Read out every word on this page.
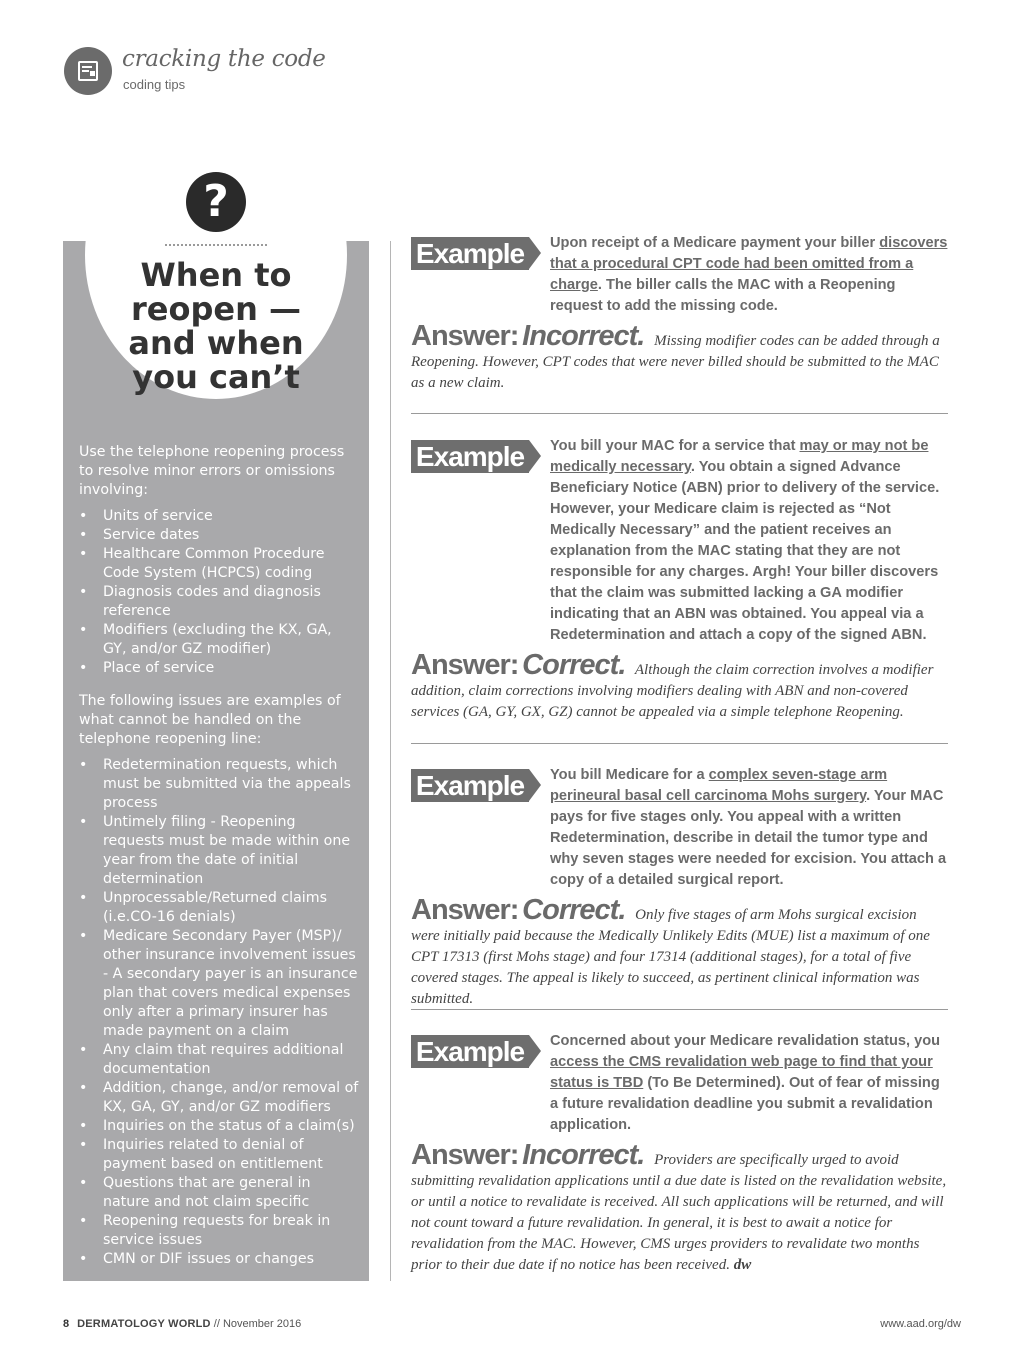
cracking the code
coding tips
?
When to
reopen —
and when
you can’t

Use the telephone reopening process to resolve minor errors or omissions involving:

• Units of service
• Service dates
• Healthcare Common Procedure Code System (HCPCS) coding
• Diagnosis codes and diagnosis reference
• Modifiers (excluding the KX, GA, GY, and/or GZ modifier)
• Place of service

The following issues are examples of what cannot be handled on the telephone reopening line:

• Redetermination requests, which must be submitted via the appeals process
• Untimely filing - Reopening requests must be made within one year from the date of initial determination
• Unprocessable/Returned claims (i.e.CO-16 denials)
• Medicare Secondary Payer (MSP)/ other insurance involvement issues - A secondary payer is an insurance plan that covers medical expenses only after a primary insurer has made payment on a claim
• Any claim that requires additional documentation
• Addition, change, and/or removal of KX, GA, GY, and/or GZ modifiers
• Inquiries on the status of a claim(s)
• Inquiries related to denial of payment based on entitlement
• Questions that are general in nature and not claim specific
• Reopening requests for break in service issues
• CMN or DIF issues or changes
Example 1
Upon receipt of a Medicare payment your biller discovers that a procedural CPT code had been omitted from a charge. The biller calls the MAC with a Reopening request to add the missing code.
Answer: Incorrect. Missing modifier codes can be added through a Reopening. However, CPT codes that were never billed should be submitted to the MAC as a new claim.
Example 2
You bill your MAC for a service that may or may not be medically necessary. You obtain a signed Advance Beneficiary Notice (ABN) prior to delivery of the service. However, your Medicare claim is rejected as “Not Medically Necessary” and the patient receives an explanation from the MAC stating that they are not responsible for any charges. Argh! Your biller discovers that the claim was submitted lacking a GA modifier indicating that an ABN was obtained. You appeal via a Redetermination and attach a copy of the signed ABN.
Answer: Correct. Although the claim correction involves a modifier addition, claim corrections involving modifiers dealing with ABN and non-covered services (GA, GY, GX, GZ) cannot be appealed via a simple telephone Reopening.
Example 3
You bill Medicare for a complex seven-stage arm perineural basal cell carcinoma Mohs surgery. Your MAC pays for five stages only. You appeal with a written Redetermination, describe in detail the tumor type and why seven stages were needed for excision. You attach a copy of a detailed surgical report.
Answer: Correct. Only five stages of arm Mohs surgical excision were initially paid because the Medically Unlikely Edits (MUE) list a maximum of one CPT 17313 (first Mohs stage) and four 17314 (additional stages), for a total of five covered stages. The appeal is likely to succeed, as pertinent clinical information was submitted.
Example 4
Concerned about your Medicare revalidation status, you access the CMS revalidation web page to find that your status is TBD (To Be Determined). Out of fear of missing a future revalidation deadline you submit a revalidation application.
Answer: Incorrect. Providers are specifically urged to avoid submitting revalidation applications until a due date is listed on the revalidation website, or until a notice to revalidate is received. All such applications will be returned, and will not count toward a future revalidation. In general, it is best to await a notice for revalidation from the MAC. However, CMS urges providers to revalidate two months prior to their due date if no notice has been received. dw
8 DERMATOLOGY WORLD // November 2016	www.aad.org/dw
